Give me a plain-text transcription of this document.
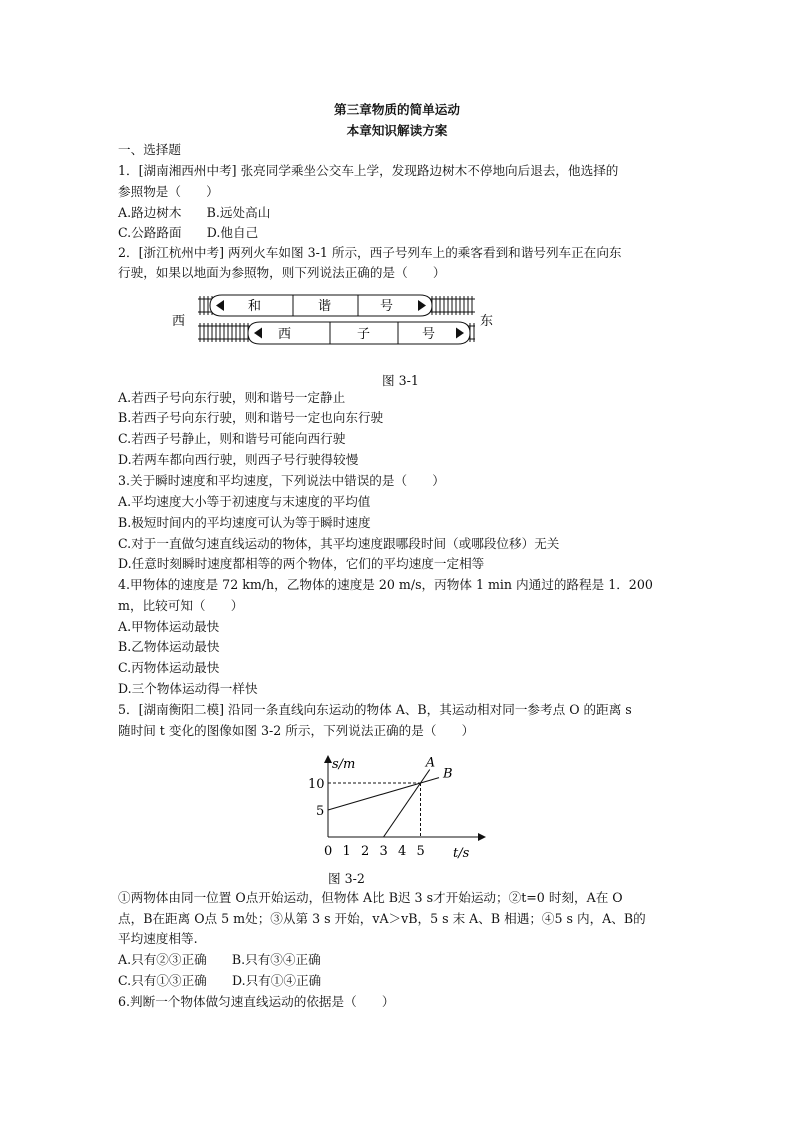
第三章物质的简单运动
本章知识解读方案
一、选择题
1．[湖南湘西州中考] 张亮同学乘坐公交车上学，发现路边树木不停地向后退去，他选择的
参照物是（　　）
A.路边树木　　B.远处高山
C.公路路面　　D.他自己
2．[浙江杭州中考] 两列火车如图 3-1 所示，西子号列车上的乘客看到和谐号列车正在向东
行驶，如果以地面为参照物，则下列说法正确的是（　　）
西	东
和	谐	号
西	子	号
图 3-1
A.若西子号向东行驶，则和谐号一定静止
B.若西子号向东行驶，则和谐号一定也向东行驶
C.若西子号静止，则和谐号可能向西行驶
D.若两车都向西行驶，则西子号行驶得较慢
3.关于瞬时速度和平均速度，下列说法中错误的是（　　）
A.平均速度大小等于初速度与末速度的平均值
B.极短时间内的平均速度可认为等于瞬时速度
C.对于一直做匀速直线运动的物体，其平均速度跟哪段时间（或哪段位移）无关
D.任意时刻瞬时速度都相等的两个物体，它们的平均速度一定相等
4.甲物体的速度是 72 km/h，乙物体的速度是 20 m/s，丙物体 1 min 内通过的路程是 1．200
m，比较可知（　　）
A.甲物体运动最快
B.乙物体运动最快
C.丙物体运动最快
D.三个物体运动得一样快
5．[湖南衡阳二模] 沿同一条直线向东运动的物体 A、B，其运动相对同一参考点 O 的距离 s
随时间 t 变化的图像如图 3-2 所示，下列说法正确的是（　　）
s/m
t/s
0 1 2 3 4 5
5
10
A
B
图 3-2
①两物体由同一位置 O点开始运动，但物体 A比 B迟 3 s才开始运动；②t=0 时刻，A在 O
点，B在距离 O点 5 m处；③从第 3 s 开始，vA＞vB，5 s 末 A、B 相遇；④5 s 内，A、B的
平均速度相等.
A.只有②③正确　　B.只有③④正确
C.只有①③正确　　D.只有①④正确
6.判断一个物体做匀速直线运动的依据是（　　）
